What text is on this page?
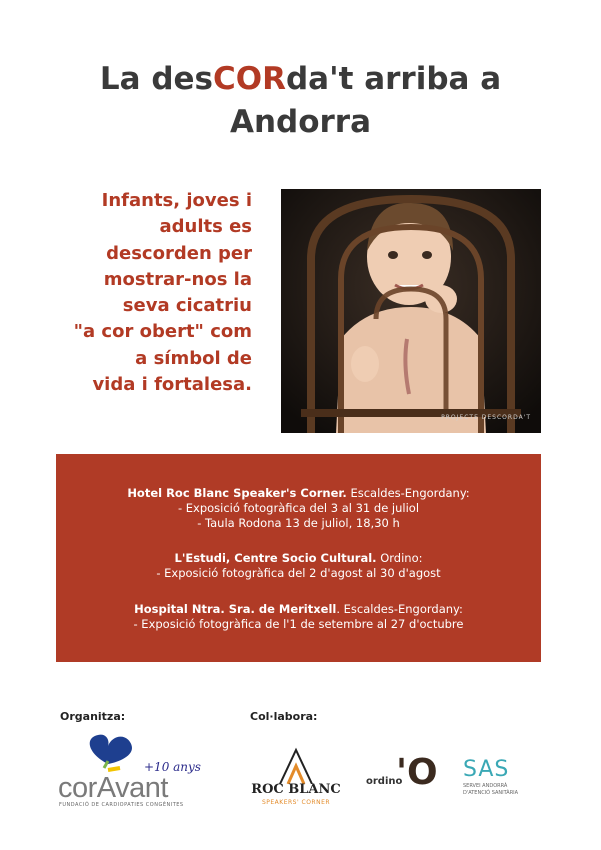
La desCORda't arriba a
Andorra
Infants, joves i
adults es
descorden per
mostrar-nos la
seva cicatriu
"a cor obert" com
a símbol de
vida i fortalesa.
PROJECTE DESCORDA'T
Hotel Roc Blanc Speaker's Corner. Escaldes-Engordany:
- Exposició fotogràfica del 3 al 31 de juliol
- Taula Rodona 13 de juliol, 18,30 h
L'Estudi, Centre Socio Cultural. Ordino:
- Exposició fotogràfica del 2 d'agost al 30 d'agost
Hospital Ntra. Sra. de Meritxell. Escaldes-Engordany:
- Exposició fotogràfica de l'1 de setembre al 27 d'octubre
Organitza:
+10 anys
corAvant
FUNDACIÓ DE CARDIOPATIES CONGÈNITES
Col·labora:
ROC BLANC
SPEAKERS' CORNER
ordino
'O SAS
SERVEI ANDORRÀ
D'ATENCIÓ SANITÀRIA
